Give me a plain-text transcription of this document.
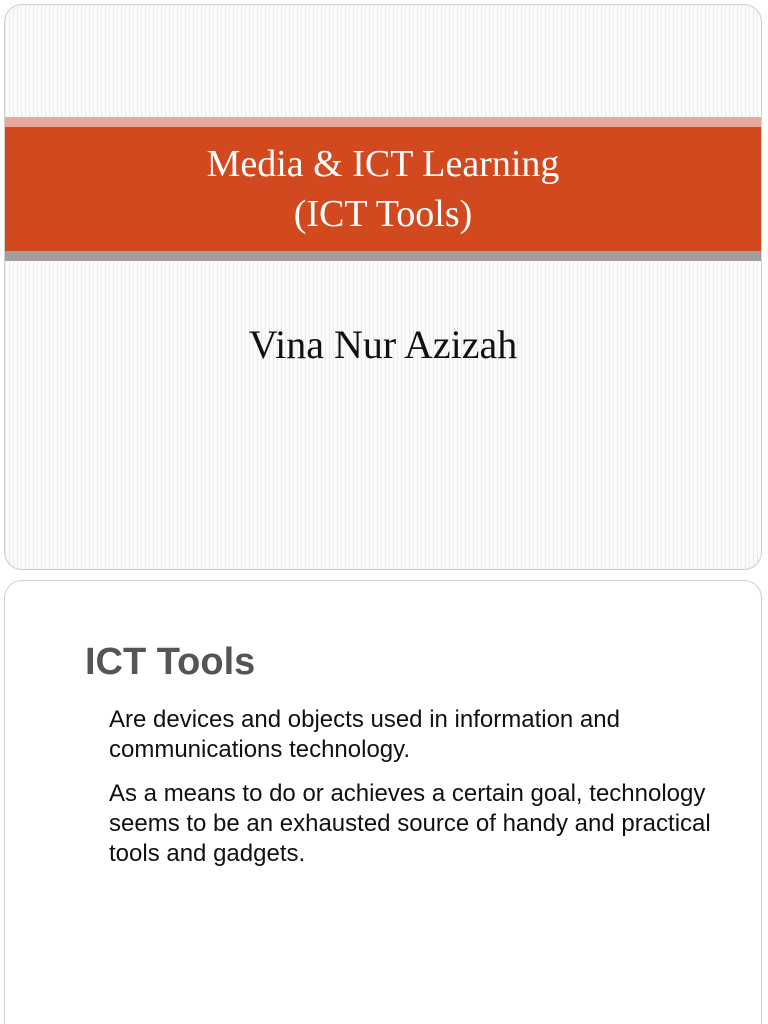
Media & ICT Learning
(ICT Tools)
Vina Nur Azizah
ICT Tools
Are devices and objects used in information and communications technology.
As a means to do or achieves a certain goal, technology seems to be an exhausted source of handy and practical tools and gadgets.
